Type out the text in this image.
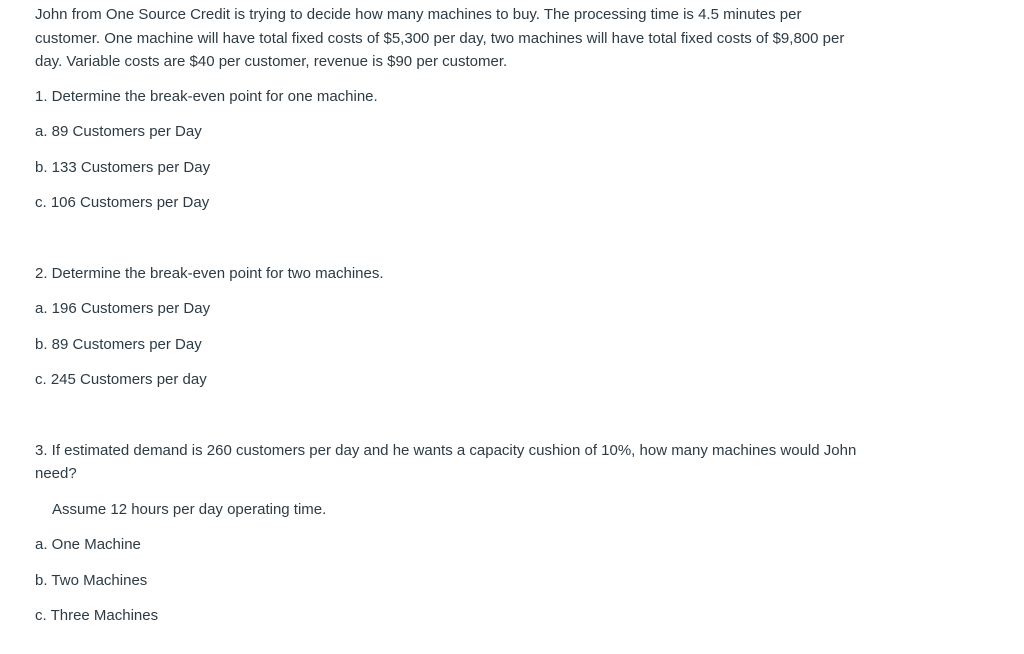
John from One Source Credit is trying to decide how many machines to buy. The processing time is 4.5 minutes per customer. One machine will have total fixed costs of $5,300 per day, two machines will have total fixed costs of $9,800 per day. Variable costs are $40 per customer, revenue is $90 per customer.

1. Determine the break-even point for one machine.

a. 89 Customers per Day

b. 133 Customers per Day

c. 106 Customers per Day

2. Determine the break-even point for two machines.

a. 196 Customers per Day

b. 89 Customers per Day

c. 245 Customers per day

3. If estimated demand is 260 customers per day and he wants a capacity cushion of 10%, how many machines would John need?

Assume 12 hours per day operating time.

a. One Machine

b. Two Machines

c. Three Machines
